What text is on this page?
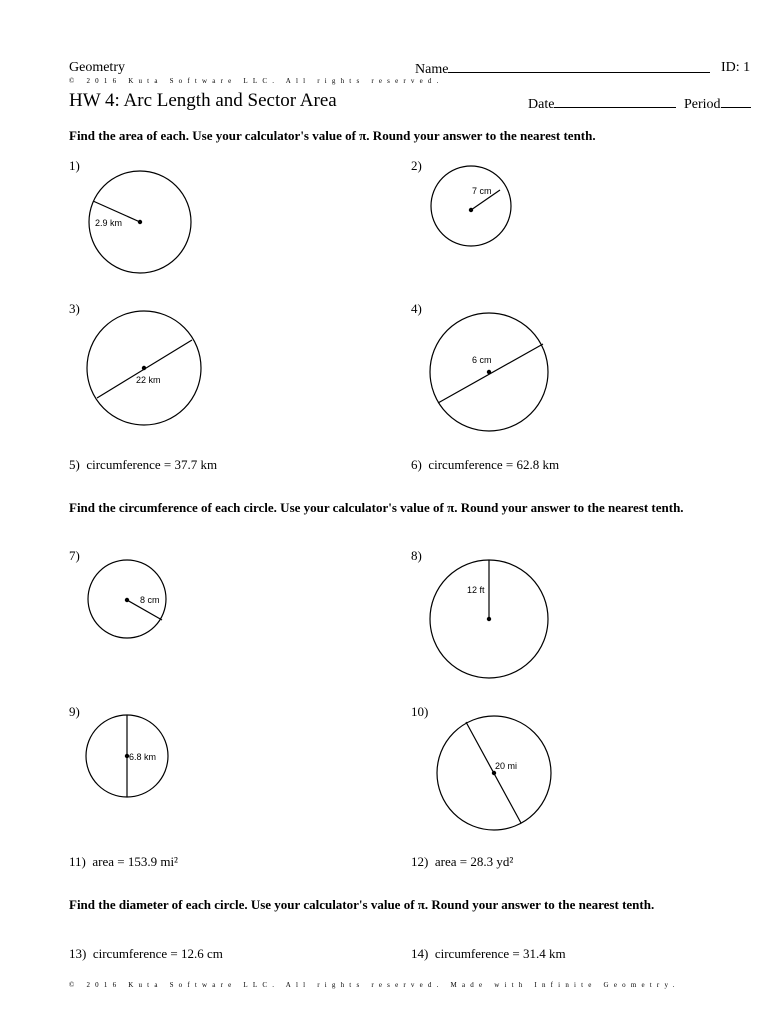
Geometry	Name	ID: 1
© 2016 Kuta Software LLC. All rights reserved.
HW 4: Arc Length and Sector Area	Date	Period
Find the area of each. Use your calculator's value of π. Round your answer to the nearest tenth.
1)
2.9 km
2)
7 cm
3)
22 km
4)
6 cm
5) circumference = 37.7 km	6) circumference = 62.8 km
Find the circumference of each circle. Use your calculator's value of π. Round your answer to the nearest tenth.
7)
8 cm
8)
12 ft
9)
6.8 km
10)
20 mi
11) area = 153.9 mi²	12) area = 28.3 yd²
Find the diameter of each circle. Use your calculator's value of π. Round your answer to the nearest tenth.
13) circumference = 12.6 cm	14) circumference = 31.4 km
© 2016 Kuta Software LLC. All rights reserved. Made with Infinite Geometry.
